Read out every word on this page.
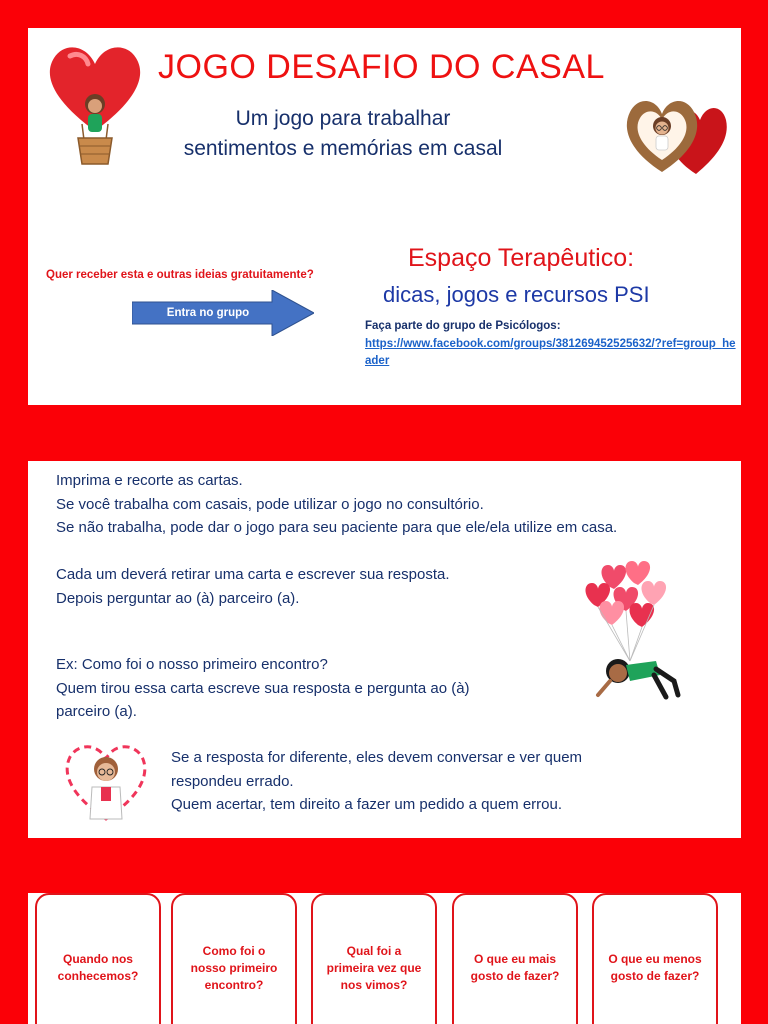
JOGO DESAFIO DO CASAL
Um jogo para trabalhar
sentimentos e memórias em casal
Quer receber esta e outras ideias gratuitamente?
Entra no grupo
Espaço Terapêutico:
dicas, jogos e recursos PSI
Faça parte do grupo de Psicólogos:
https://www.facebook.com/groups/381269452525632/?ref=group_header
Imprima e recorte as cartas.
Se você trabalha com casais, pode utilizar o jogo no consultório.
Se não trabalha, pode dar o jogo para seu paciente para que ele/ela utilize em casa.
Cada um deverá retirar uma carta e escrever sua resposta.
Depois perguntar ao (à) parceiro (a).
Ex: Como foi o nosso primeiro encontro?
Quem tirou essa carta escreve sua resposta e pergunta ao (à)
parceiro (a).
Se a resposta for diferente, eles devem conversar e ver quem
respondeu errado.
Quem acertar, tem direito a fazer um pedido a quem errou.
Quando nos
conhecemos?
Como foi o
nosso primeiro
encontro?
Qual foi a
primeira vez que
nos vimos?
O que eu mais
gosto de fazer?
O que eu menos
gosto de fazer?
